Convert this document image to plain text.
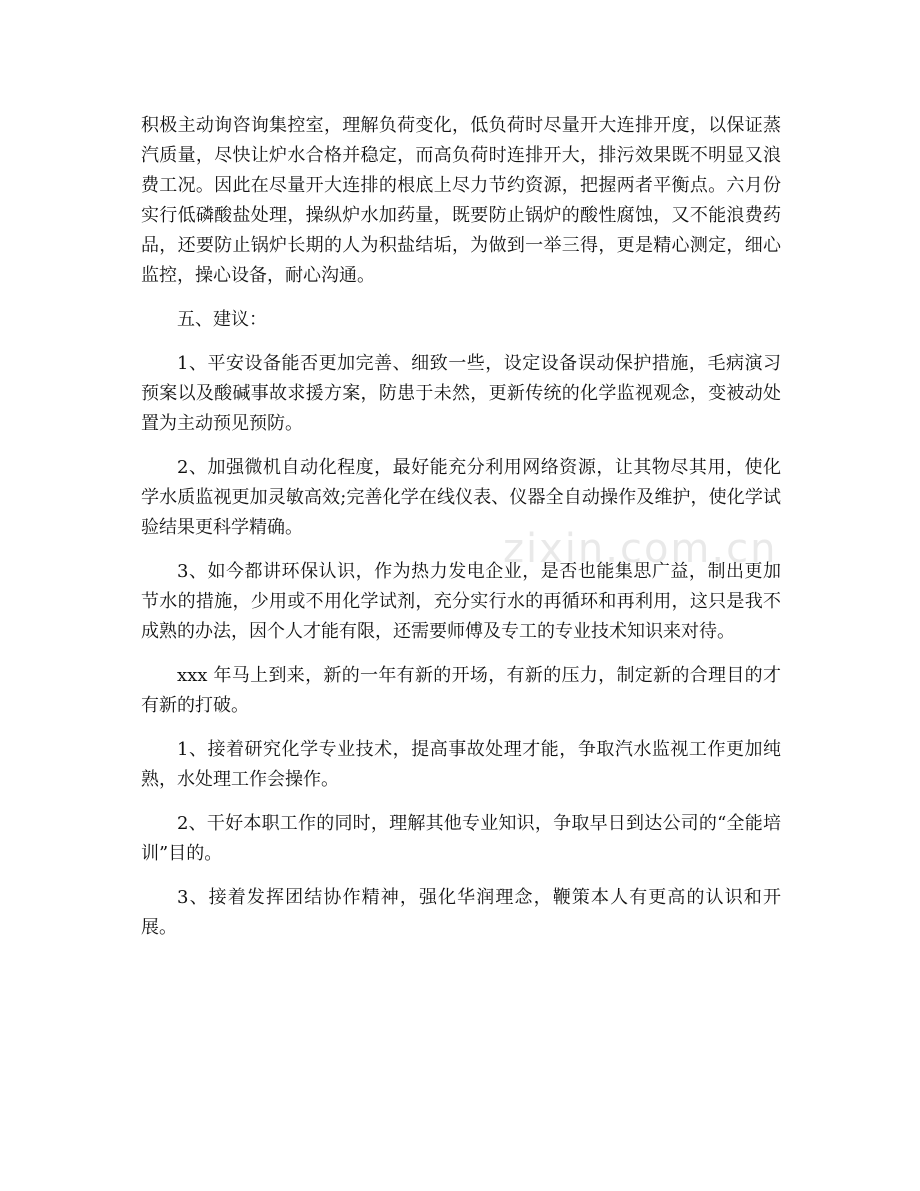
积极主动询咨询集控室，理解负荷变化，低负荷时尽量开大连排开度，以保证蒸汽质量，尽快让炉水合格并稳定，而高负荷时连排开大，排污效果既不明显又浪费工况。因此在尽量开大连排的根底上尽力节约资源，把握两者平衡点。六月份实行低磷酸盐处理，操纵炉水加药量，既要防止锅炉的酸性腐蚀，又不能浪费药品，还要防止锅炉长期的人为积盐结垢，为做到一举三得，更是精心测定，细心监控，操心设备，耐心沟通。

五、建议：

1、平安设备能否更加完善、细致一些，设定设备误动保护措施，毛病演习预案以及酸碱事故求援方案，防患于未然，更新传统的化学监视观念，变被动处置为主动预见预防。

2、加强微机自动化程度，最好能充分利用网络资源，让其物尽其用，使化学水质监视更加灵敏高效;完善化学在线仪表、仪器全自动操作及维护，使化学试验结果更科学精确。

3、如今都讲环保认识，作为热力发电企业，是否也能集思广益，制出更加节水的措施，少用或不用化学试剂，充分实行水的再循环和再利用，这只是我不成熟的办法，因个人才能有限，还需要师傅及专工的专业技术知识来对待。

xxx 年马上到来，新的一年有新的开场，有新的压力，制定新的合理目的才有新的打破。

1、接着研究化学专业技术，提高事故处理才能，争取汽水监视工作更加纯熟，水处理工作会操作。

2、干好本职工作的同时，理解其他专业知识，争取早日到达公司的“全能培训”目的。

3、接着发挥团结协作精神，强化华润理念，鞭策本人有更高的认识和开展。

zixin.com.cn
